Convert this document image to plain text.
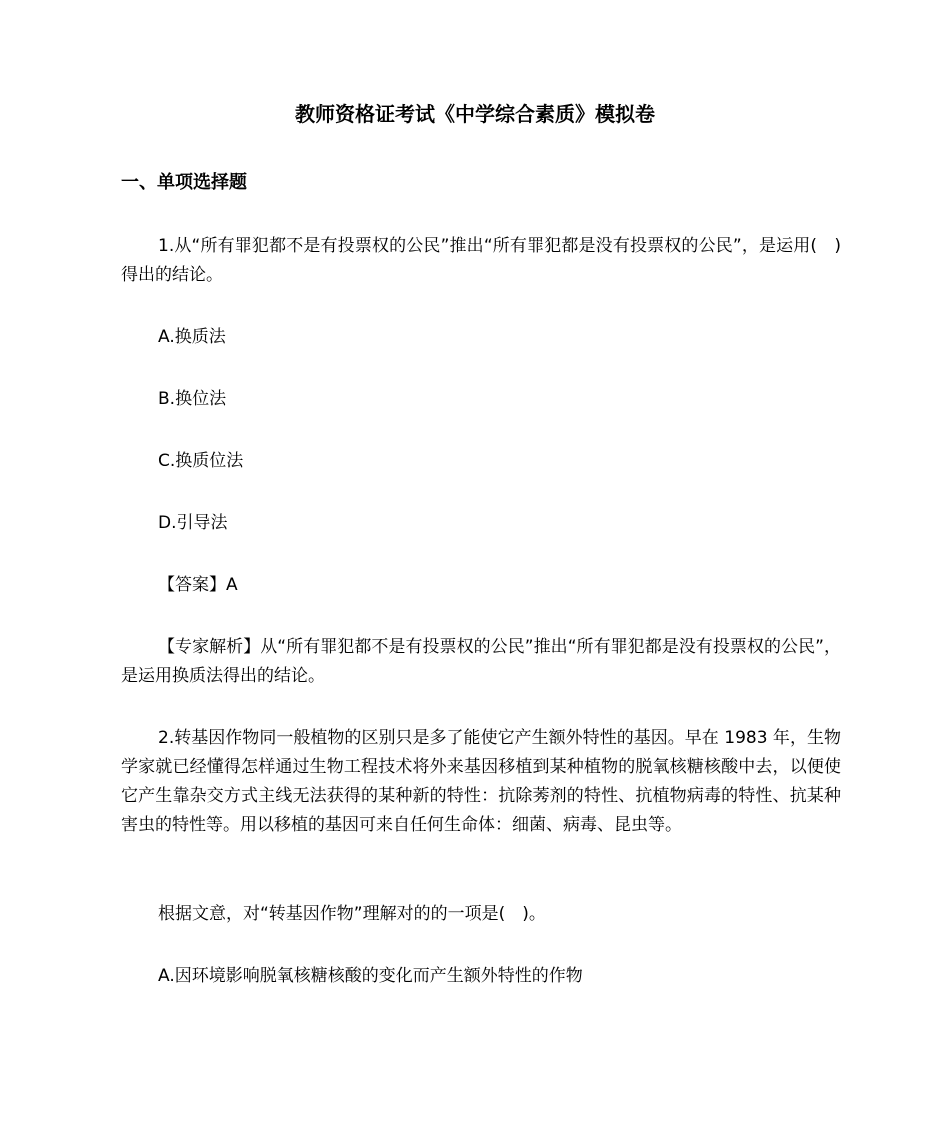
教师资格证考试《中学综合素质》模拟卷
一、单项选择题

1.从“所有罪犯都不是有投票权的公民”推出“所有罪犯都是没有投票权的公民”，是运用(　)得出的结论。

A.换质法

B.换位法

C.换质位法

D.引导法

【答案】A

【专家解析】从“所有罪犯都不是有投票权的公民”推出“所有罪犯都是没有投票权的公民”，是运用换质法得出的结论。

2.转基因作物同一般植物的区别只是多了能使它产生额外特性的基因。早在 1983 年，生物学家就已经懂得怎样通过生物工程技术将外来基因移植到某种植物的脱氧核糖核酸中去，以便使它产生靠杂交方式主线无法获得的某种新的特性：抗除莠剂的特性、抗植物病毒的特性、抗某种害虫的特性等。用以移植的基因可来自任何生命体：细菌、病毒、昆虫等。

根据文意，对“转基因作物”理解对的的一项是(　)。

A.因环境影响脱氧核糖核酸的变化而产生额外特性的作物
